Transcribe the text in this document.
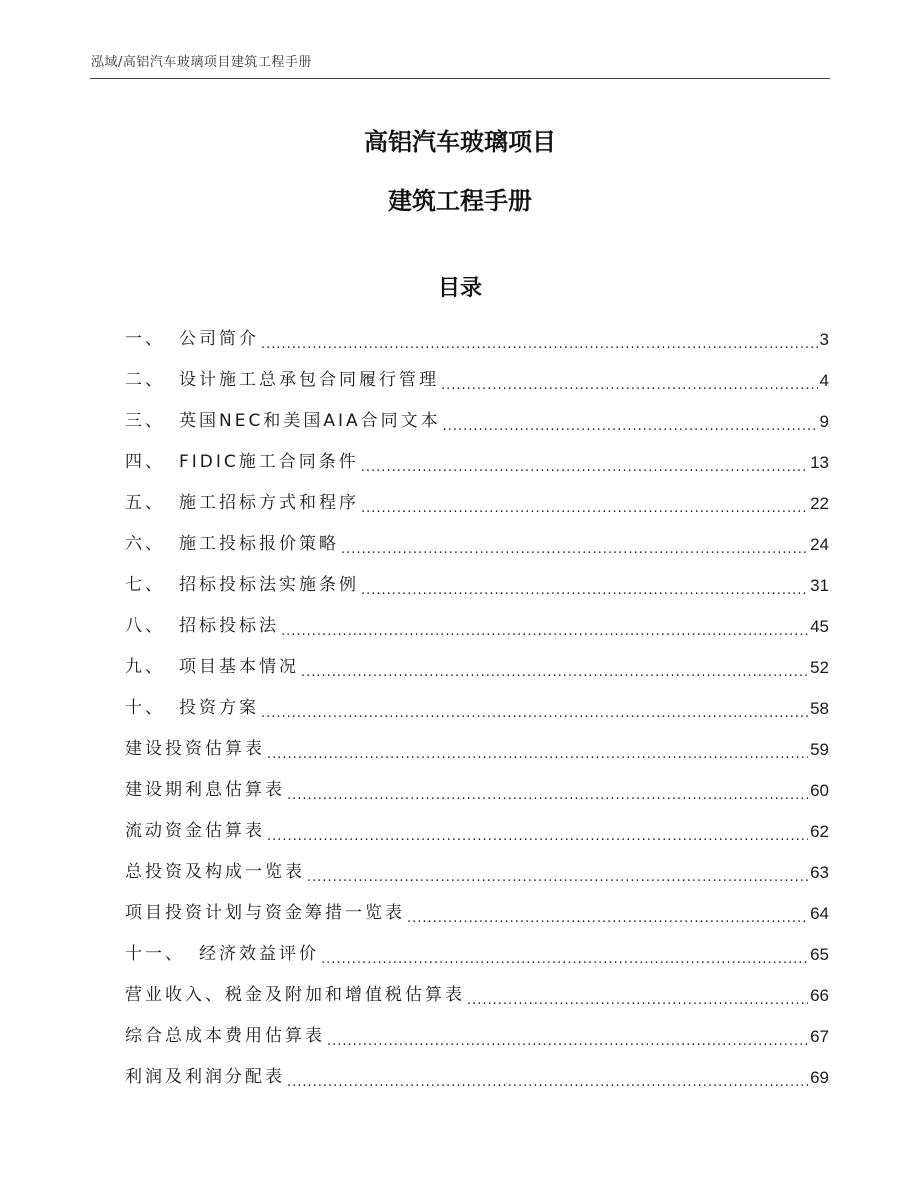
泓域/高铝汽车玻璃项目建筑工程手册
高铝汽车玻璃项目
建筑工程手册
目录
一、 公司简介 .....	3
二、 设计施工总承包合同履行管理 .....	4
三、 英国NEC和美国AIA合同文本 .....	9
四、 FIDIC施工合同条件 .....	13
五、 施工招标方式和程序 .....	22
六、 施工投标报价策略 .....	24
七、 招标投标法实施条例 .....	31
八、 招标投标法 .....	45
九、 项目基本情况 .....	52
十、 投资方案 .....	58
建设投资估算表 .....	59
建设期利息估算表 .....	60
流动资金估算表 .....	62
总投资及构成一览表 .....	63
项目投资计划与资金筹措一览表 .....	64
十一、 经济效益评价 .....	65
营业收入、税金及附加和增值税估算表 .....	66
综合总成本费用估算表 .....	67
利润及利润分配表 .....	69
